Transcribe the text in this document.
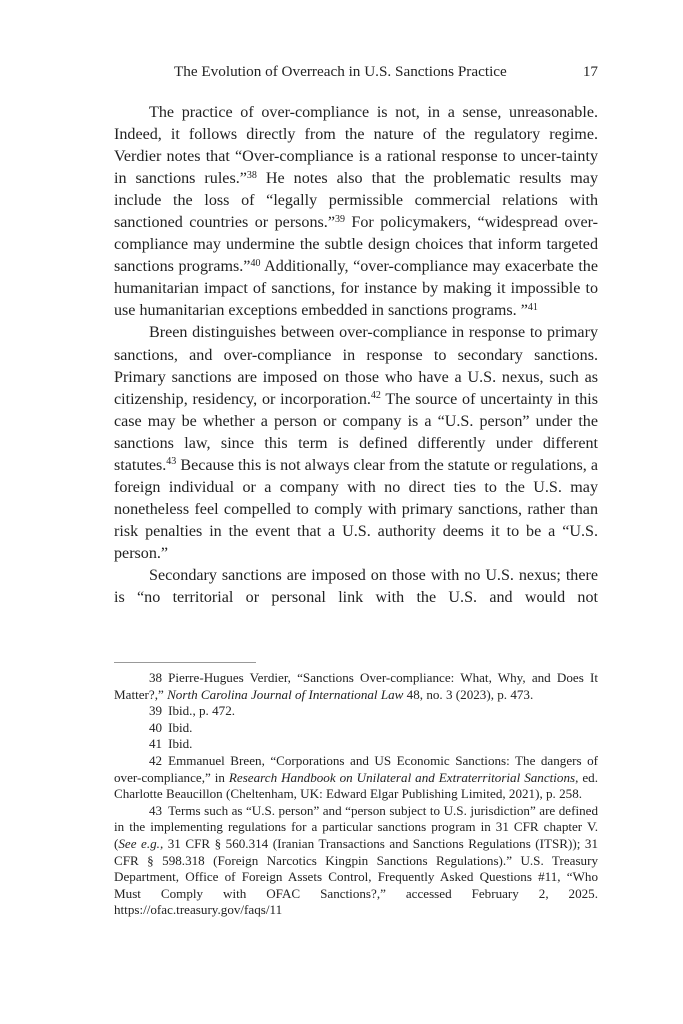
The Evolution of Overreach in U.S. Sanctions Practice	17

The practice of over-compliance is not, in a sense, unreasonable. Indeed, it follows directly from the nature of the regulatory regime. Verdier notes that “Over-compliance is a rational response to uncer-tainty in sanctions rules.”$^{38}$ He notes also that the problematic results may include the loss of “legally permissible commercial relations with sanctioned countries or persons.”$^{39}$ For policymakers, “widespread over-compliance may undermine the subtle design choices that inform targeted sanctions programs.”$^{40}$ Additionally, “over-compliance may exacerbate the humanitarian impact of sanctions, for instance by making it impossible to use humanitarian exceptions embedded in sanctions programs. ”$^{41}$

Breen distinguishes between over-compliance in response to primary sanctions, and over-compliance in response to secondary sanctions. Primary sanctions are imposed on those who have a U.S. nexus, such as citizenship, residency, or incorporation.$^{42}$ The source of uncertainty in this case may be whether a person or company is a “U.S. person” under the sanctions law, since this term is defined differently under different statutes.$^{43}$ Because this is not always clear from the statute or regulations, a foreign individual or a company with no direct ties to the U.S. may nonetheless feel compelled to comply with primary sanctions, rather than risk penalties in the event that a U.S. authority deems it to be a “U.S. person.”

Secondary sanctions are imposed on those with no U.S. nexus; there is “no territorial or personal link with the U.S. and would not

38 Pierre-Hugues Verdier, “Sanctions Over-compliance: What, Why, and Does It Matter?,” North Carolina Journal of International Law 48, no. 3 (2023), p. 473.

39 Ibid., p. 472.

40 Ibid.

41 Ibid.

42 Emmanuel Breen, “Corporations and US Economic Sanctions: The dangers of over-compliance,” in Research Handbook on Unilateral and Extraterritorial Sanctions, ed. Charlotte Beaucillon (Cheltenham, UK: Edward Elgar Publishing Limited, 2021), p. 258.

43 Terms such as “U.S. person” and “person subject to U.S. jurisdiction” are defined in the implementing regulations for a particular sanctions program in 31 CFR chapter V. (See e.g., 31 CFR § 560.314 (Iranian Transactions and Sanctions Regulations (ITSR)); 31 CFR § 598.318 (Foreign Narcotics Kingpin Sanctions Regulations).” U.S. Treasury Department, Office of Foreign Assets Control, Frequently Asked Questions #11, “Who Must Comply with OFAC Sanctions?,” accessed February 2, 2025. https://ofac.treasury.gov/faqs/11
